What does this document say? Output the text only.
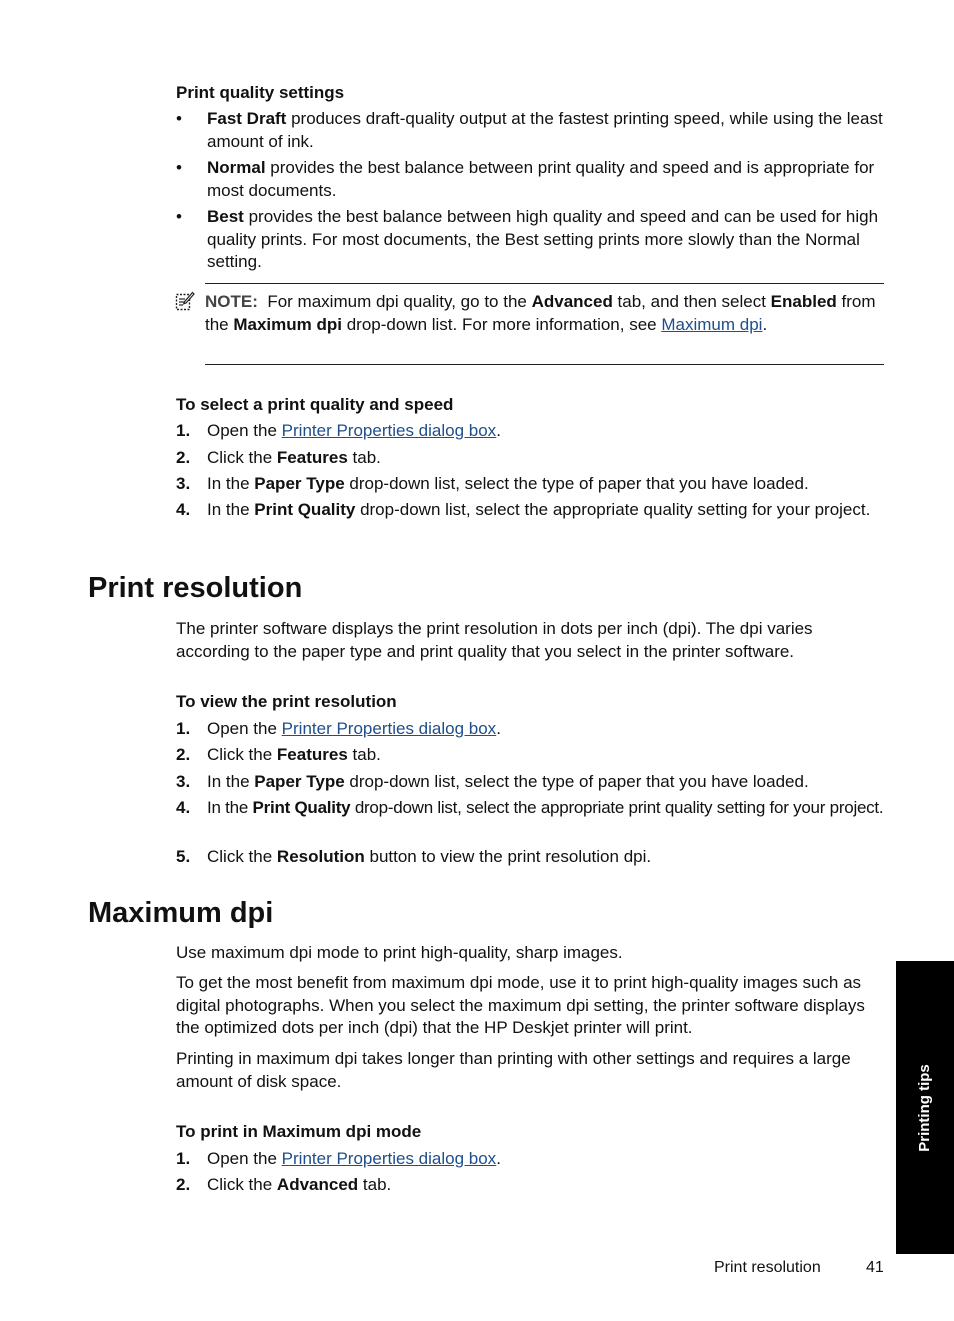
Print quality settings
• Fast Draft produces draft-quality output at the fastest printing speed, while using the least amount of ink.

• Normal provides the best balance between print quality and speed and is appropriate for most documents.

• Best provides the best balance between high quality and speed and can be used for high quality prints. For most documents, the Best setting prints more slowly than the Normal setting.

NOTE:  For maximum dpi quality, go to the Advanced tab, and then select Enabled from the Maximum dpi drop-down list. For more information, see Maximum dpi.

To select a print quality and speed
1. Open the Printer Properties dialog box.

2. Click the Features tab.

3. In the Paper Type drop-down list, select the type of paper that you have loaded.

4. In the Print Quality drop-down list, select the appropriate quality setting for your project.

Print resolution

The printer software displays the print resolution in dots per inch (dpi). The dpi varies according to the paper type and print quality that you select in the printer software.

To view the print resolution
1. Open the Printer Properties dialog box.

2. Click the Features tab.

3. In the Paper Type drop-down list, select the type of paper that you have loaded.

4. In the Print Quality drop-down list, select the appropriate print quality setting for your project.

5. Click the Resolution button to view the print resolution dpi.

Maximum dpi

Use maximum dpi mode to print high-quality, sharp images.

To get the most benefit from maximum dpi mode, use it to print high-quality images such as digital photographs. When you select the maximum dpi setting, the printer software displays the optimized dots per inch (dpi) that the HP Deskjet printer will print.

Printing in maximum dpi takes longer than printing with other settings and requires a large amount of disk space.

To print in Maximum dpi mode
1. Open the Printer Properties dialog box.

2. Click the Advanced tab.

Printing tips
Print resolution	41
